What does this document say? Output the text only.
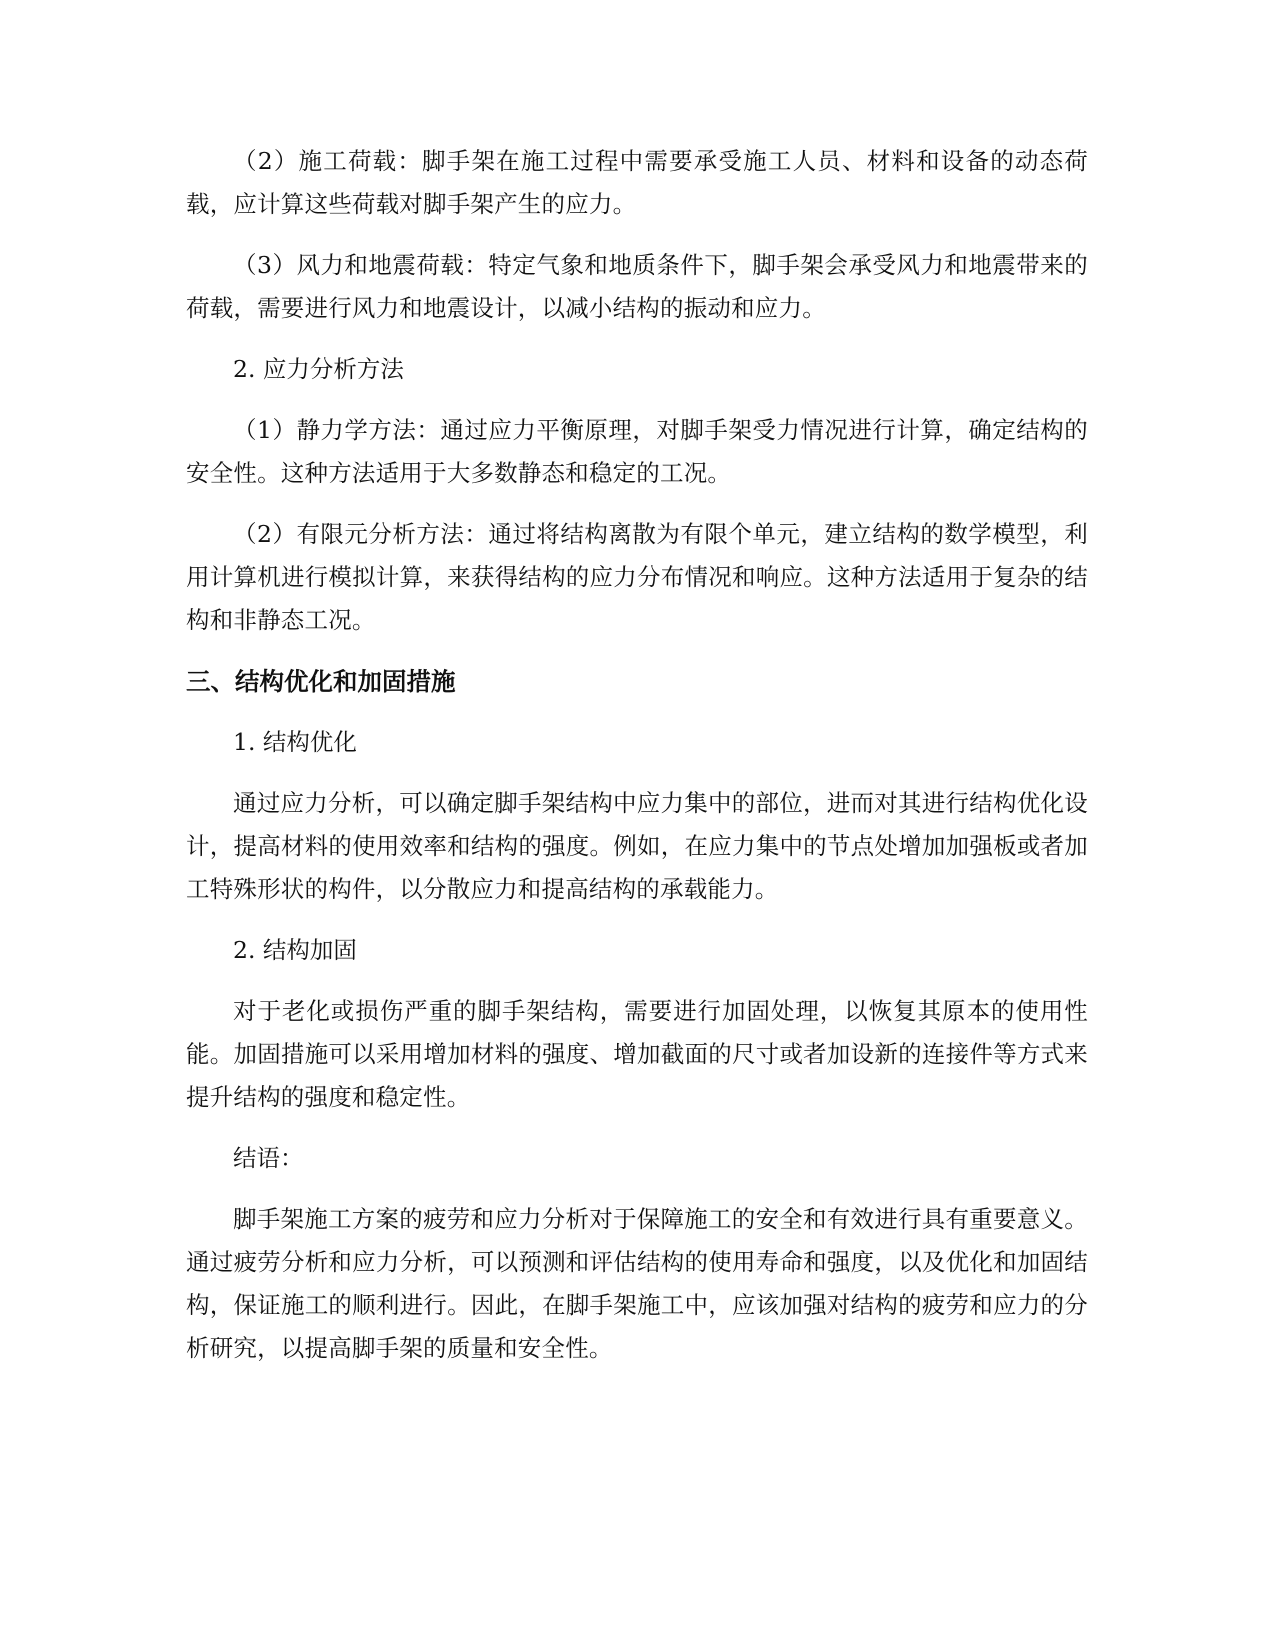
（2）施工荷载：脚手架在施工过程中需要承受施工人员、材料和设备的动态荷载，应计算这些荷载对脚手架产生的应力。

（3）风力和地震荷载：特定气象和地质条件下，脚手架会承受风力和地震带来的荷载，需要进行风力和地震设计，以减小结构的振动和应力。

2. 应力分析方法

（1）静力学方法：通过应力平衡原理，对脚手架受力情况进行计算，确定结构的安全性。这种方法适用于大多数静态和稳定的工况。

（2）有限元分析方法：通过将结构离散为有限个单元，建立结构的数学模型，利用计算机进行模拟计算，来获得结构的应力分布情况和响应。这种方法适用于复杂的结构和非静态工况。

三、结构优化和加固措施

1. 结构优化

通过应力分析，可以确定脚手架结构中应力集中的部位，进而对其进行结构优化设计，提高材料的使用效率和结构的强度。例如，在应力集中的节点处增加加强板或者加工特殊形状的构件，以分散应力和提高结构的承载能力。

2. 结构加固

对于老化或损伤严重的脚手架结构，需要进行加固处理，以恢复其原本的使用性能。加固措施可以采用增加材料的强度、增加截面的尺寸或者加设新的连接件等方式来提升结构的强度和稳定性。

结语：

脚手架施工方案的疲劳和应力分析对于保障施工的安全和有效进行具有重要意义。通过疲劳分析和应力分析，可以预测和评估结构的使用寿命和强度，以及优化和加固结构，保证施工的顺利进行。因此，在脚手架施工中，应该加强对结构的疲劳和应力的分析研究，以提高脚手架的质量和安全性。
